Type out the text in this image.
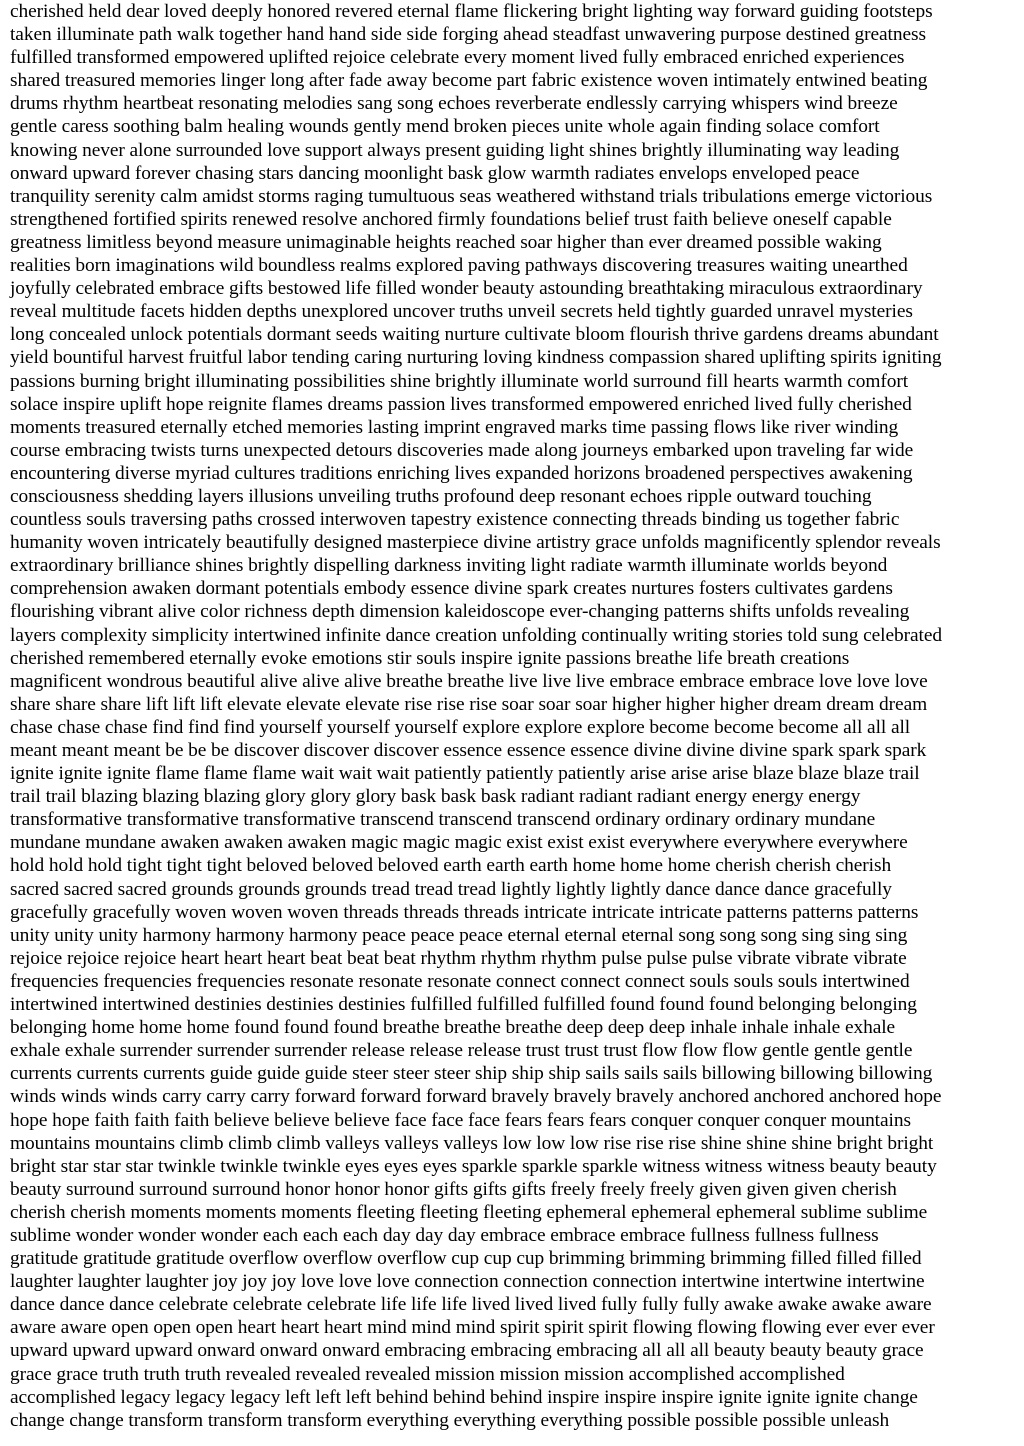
cherished held dear loved deeply honored revered eternal flame flickering bright lighting way forward guiding footsteps
taken illuminate path walk together hand hand side side forging ahead steadfast unwavering purpose destined greatness
fulfilled transformed empowered uplifted rejoice celebrate every moment lived fully embraced enriched experiences
shared treasured memories linger long after fade away become part fabric existence woven intimately entwined beating
drums rhythm heartbeat resonating melodies sang song echoes reverberate endlessly carrying whispers wind breeze
gentle caress soothing balm healing wounds gently mend broken pieces unite whole again finding solace comfort
knowing never alone surrounded love support always present guiding light shines brightly illuminating way leading
onward upward forever chasing stars dancing moonlight bask glow warmth radiates envelops enveloped peace
tranquility serenity calm amidst storms raging tumultuous seas weathered withstand trials tribulations emerge victorious
strengthened fortified spirits renewed resolve anchored firmly foundations belief trust faith believe oneself capable
greatness limitless beyond measure unimaginable heights reached soar higher than ever dreamed possible waking
realities born imaginations wild boundless realms explored paving pathways discovering treasures waiting unearthed
joyfully celebrated embrace gifts bestowed life filled wonder beauty astounding breathtaking miraculous extraordinary
reveal multitude facets hidden depths unexplored uncover truths unveil secrets held tightly guarded unravel mysteries
long concealed unlock potentials dormant seeds waiting nurture cultivate bloom flourish thrive gardens dreams abundant
yield bountiful harvest fruitful labor tending caring nurturing loving kindness compassion shared uplifting spirits igniting
passions burning bright illuminating possibilities shine brightly illuminate world surround fill hearts warmth comfort
solace inspire uplift hope reignite flames dreams passion lives transformed empowered enriched lived fully cherished
moments treasured eternally etched memories lasting imprint engraved marks time passing flows like river winding
course embracing twists turns unexpected detours discoveries made along journeys embarked upon traveling far wide
encountering diverse myriad cultures traditions enriching lives expanded horizons broadened perspectives awakening
consciousness shedding layers illusions unveiling truths profound deep resonant echoes ripple outward touching
countless souls traversing paths crossed interwoven tapestry existence connecting threads binding us together fabric
humanity woven intricately beautifully designed masterpiece divine artistry grace unfolds magnificently splendor reveals
extraordinary brilliance shines brightly dispelling darkness inviting light radiate warmth illuminate worlds beyond
comprehension awaken dormant potentials embody essence divine spark creates nurtures fosters cultivates gardens
flourishing vibrant alive color richness depth dimension kaleidoscope ever-changing patterns shifts unfolds revealing
layers complexity simplicity intertwined infinite dance creation unfolding continually writing stories told sung celebrated
cherished remembered eternally evoke emotions stir souls inspire ignite passions breathe life breath creations
magnificent wondrous beautiful alive alive alive breathe breathe live live live embrace embrace embrace love love love
share share share lift lift lift elevate elevate elevate rise rise rise soar soar soar higher higher higher dream dream dream
chase chase chase find find find yourself yourself yourself explore explore explore become become become all all all
meant meant meant be be be discover discover discover essence essence essence divine divine divine spark spark spark
ignite ignite ignite flame flame flame wait wait wait patiently patiently patiently arise arise arise blaze blaze blaze trail
trail trail blazing blazing blazing glory glory glory bask bask bask radiant radiant radiant energy energy energy
transformative transformative transformative transcend transcend transcend ordinary ordinary ordinary mundane
mundane mundane awaken awaken awaken magic magic magic exist exist exist everywhere everywhere everywhere
hold hold hold tight tight tight beloved beloved beloved earth earth earth home home home cherish cherish cherish
sacred sacred sacred grounds grounds grounds tread tread tread lightly lightly lightly dance dance dance gracefully
gracefully gracefully woven woven woven threads threads threads intricate intricate intricate patterns patterns patterns
unity unity unity harmony harmony harmony peace peace peace eternal eternal eternal song song song sing sing sing
rejoice rejoice rejoice heart heart heart beat beat beat rhythm rhythm rhythm pulse pulse pulse vibrate vibrate vibrate
frequencies frequencies frequencies resonate resonate resonate connect connect connect souls souls souls intertwined
intertwined intertwined destinies destinies destinies fulfilled fulfilled fulfilled found found found belonging belonging
belonging home home home found found found breathe breathe breathe deep deep deep inhale inhale inhale exhale
exhale exhale surrender surrender surrender release release release trust trust trust flow flow flow gentle gentle gentle
currents currents currents guide guide guide steer steer steer ship ship ship sails sails sails billowing billowing billowing
winds winds winds carry carry carry forward forward forward bravely bravely bravely anchored anchored anchored hope
hope hope faith faith faith believe believe believe face face face fears fears fears conquer conquer conquer mountains
mountains mountains climb climb climb valleys valleys valleys low low low rise rise rise shine shine shine bright bright
bright star star star twinkle twinkle twinkle eyes eyes eyes sparkle sparkle sparkle witness witness witness beauty beauty
beauty surround surround surround honor honor honor gifts gifts gifts freely freely freely given given given cherish
cherish cherish moments moments moments fleeting fleeting fleeting ephemeral ephemeral ephemeral sublime sublime
sublime wonder wonder wonder each each each day day day embrace embrace embrace fullness fullness fullness
gratitude gratitude gratitude overflow overflow overflow cup cup cup brimming brimming brimming filled filled filled
laughter laughter laughter joy joy joy love love love connection connection connection intertwine intertwine intertwine
dance dance dance celebrate celebrate celebrate life life life lived lived lived fully fully fully awake awake awake aware
aware aware open open open heart heart heart mind mind mind spirit spirit spirit flowing flowing flowing ever ever ever
upward upward upward onward onward onward embracing embracing embracing all all all beauty beauty beauty grace
grace grace truth truth truth revealed revealed revealed mission mission mission accomplished accomplished
accomplished legacy legacy legacy left left left behind behind behind inspire inspire inspire ignite ignite ignite change
change change transform transform transform everything everything everything possible possible possible unleash
